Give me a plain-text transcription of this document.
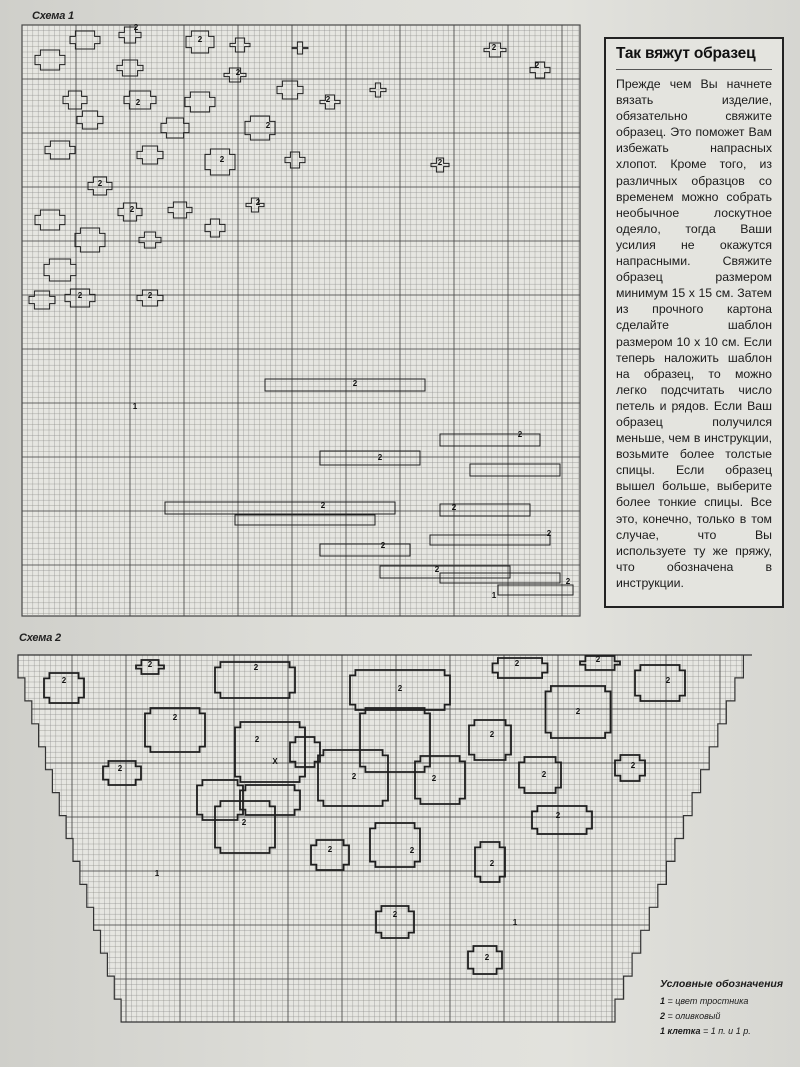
Схема 1
Схема 2
1
1
1
1
X
2
2
2
2
2
2
2
2
2
2
2
2
2	2
2
2
2
2
2	2
2
2
2
2
2	2
2
2
2
2	2
2
2
2
2
2
2	2	2
2
2
2
2	2
2
2
2
Так вяжут образец

Прежде чем Вы начнете вязать изделие, обязательно свяжите образец. Это поможет Вам избежать напрасных хлопот. Кроме того, из различных образцов со временем можно собрать необычное лоскутное одеяло, тогда Ваши усилия не окажутся напрасными. Свяжите образец размером минимум 15 х 15 см. Затем из прочного картона сделайте шаблон размером 10 х 10 см. Если теперь наложить шаблон на образец, то можно легко подсчитать число петель и рядов. Если Ваш образец получился меньше, чем в инструкции, возьмите более толстые спицы. Если образец вышел больше, выберите более тонкие спицы. Все это, конечно, только в том случае, что Вы используете ту же пряжу, что обозначена в инструкции.

Условные обозначения
1 = цвет тростника
2 = оливковый
1 клетка = 1 п. и 1 р.
